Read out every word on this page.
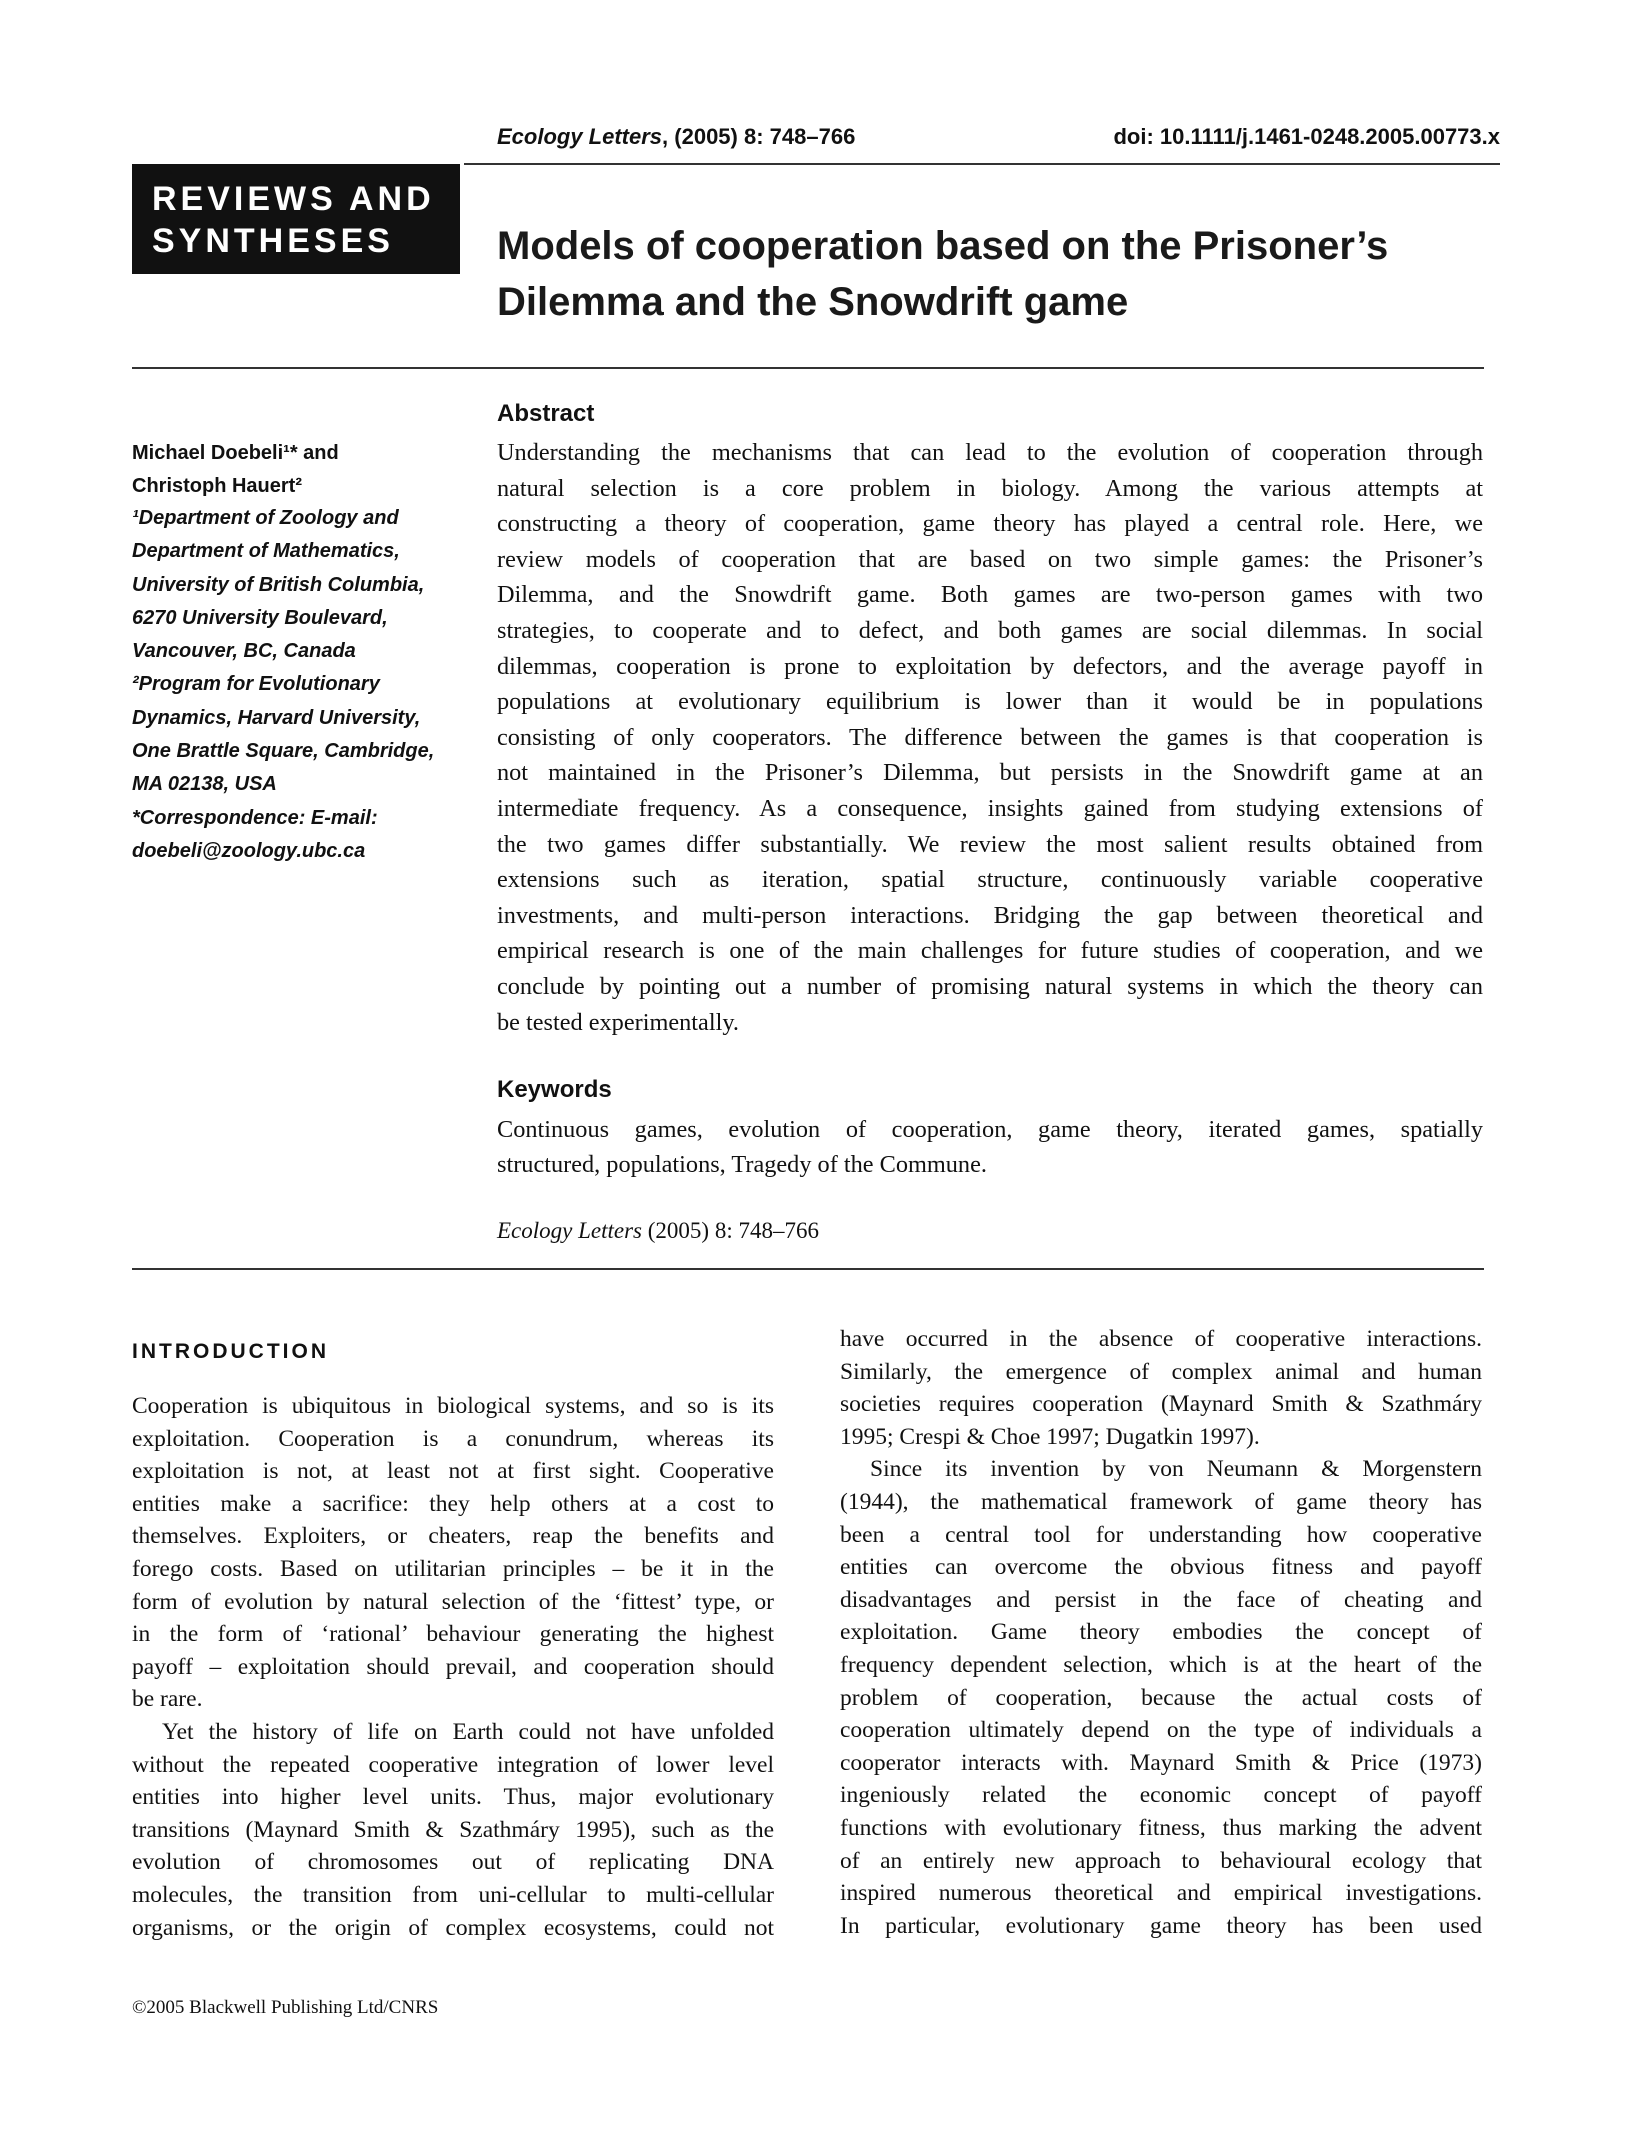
Ecology Letters, (2005) 8: 748–766	doi: 10.1111/j.1461-0248.2005.00773.x
REVIEWS AND
SYNTHESES	Models of cooperation based on the Prisoner’s
Dilemma and the Snowdrift game
Michael Doebeli¹* and
Christoph Hauert²
¹Department of Zoology and
Department of Mathematics,
University of British Columbia,
6270 University Boulevard,
Vancouver, BC, Canada
²Program for Evolutionary
Dynamics, Harvard University,
One Brattle Square, Cambridge,
MA 02138, USA
*Correspondence: E-mail:
doebeli@zoology.ubc.ca
Abstract
Understanding the mechanisms that can lead to the evolution of cooperation through
natural selection is a core problem in biology. Among the various attempts at
constructing a theory of cooperation, game theory has played a central role. Here, we
review models of cooperation that are based on two simple games: the Prisoner’s
Dilemma, and the Snowdrift game. Both games are two-person games with two
strategies, to cooperate and to defect, and both games are social dilemmas. In social
dilemmas, cooperation is prone to exploitation by defectors, and the average payoff in
populations at evolutionary equilibrium is lower than it would be in populations
consisting of only cooperators. The difference between the games is that cooperation is
not maintained in the Prisoner’s Dilemma, but persists in the Snowdrift game at an
intermediate frequency. As a consequence, insights gained from studying extensions of
the two games differ substantially. We review the most salient results obtained from
extensions such as iteration, spatial structure, continuously variable cooperative
investments, and multi-person interactions. Bridging the gap between theoretical and
empirical research is one of the main challenges for future studies of cooperation, and we
conclude by pointing out a number of promising natural systems in which the theory can
be tested experimentally.
Keywords
Continuous games, evolution of cooperation, game theory, iterated games, spatially
structured, populations, Tragedy of the Commune.
Ecology Letters (2005) 8: 748–766
INTRODUCTION
Cooperation is ubiquitous in biological systems, and so is its
exploitation. Cooperation is a conundrum, whereas its
exploitation is not, at least not at first sight. Cooperative
entities make a sacrifice: they help others at a cost to
themselves. Exploiters, or cheaters, reap the benefits and
forego costs. Based on utilitarian principles – be it in the
form of evolution by natural selection of the ‘fittest’ type, or
in the form of ‘rational’ behaviour generating the highest
payoff – exploitation should prevail, and cooperation should
be rare.
Yet the history of life on Earth could not have unfolded
without the repeated cooperative integration of lower level
entities into higher level units. Thus, major evolutionary
transitions (Maynard Smith & Szathmáry 1995), such as the
evolution of chromosomes out of replicating DNA
molecules, the transition from uni-cellular to multi-cellular
organisms, or the origin of complex ecosystems, could not
have occurred in the absence of cooperative interactions.
Similarly, the emergence of complex animal and human
societies requires cooperation (Maynard Smith & Szathmáry
1995; Crespi & Choe 1997; Dugatkin 1997).
Since its invention by von Neumann & Morgenstern
(1944), the mathematical framework of game theory has
been a central tool for understanding how cooperative
entities can overcome the obvious fitness and payoff
disadvantages and persist in the face of cheating and
exploitation. Game theory embodies the concept of
frequency dependent selection, which is at the heart of the
problem of cooperation, because the actual costs of
cooperation ultimately depend on the type of individuals a
cooperator interacts with. Maynard Smith & Price (1973)
ingeniously related the economic concept of payoff
functions with evolutionary fitness, thus marking the advent
of an entirely new approach to behavioural ecology that
inspired numerous theoretical and empirical investigations.
In particular, evolutionary game theory has been used
©2005 Blackwell Publishing Ltd/CNRS
